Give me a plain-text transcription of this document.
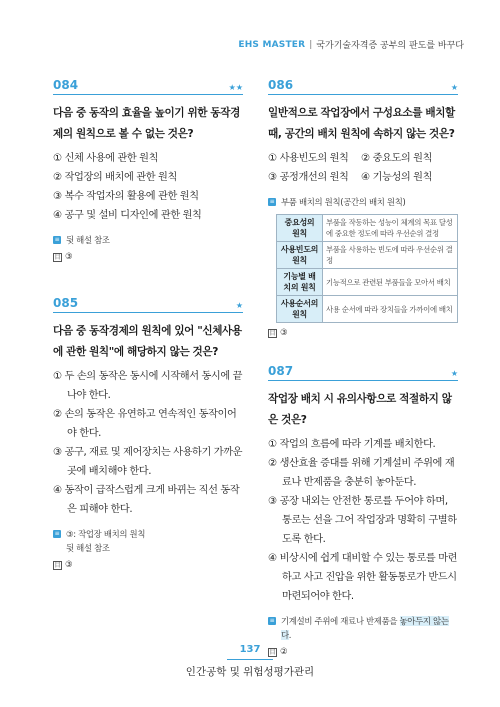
EHS MASTER | 국가기술자격증 공부의 판도를 바꾸다
084	★★
다음 중 동작의 효율을 높이기 위한 동작경제의 원칙으로 볼 수 없는 것은?
① 신체 사용에 관한 원칙
② 작업장의 배치에 관한 원칙
③ 복수 작업자의 활용에 관한 원칙
④ 공구 및 설비 디자인에 관한 원칙
≡ 뒷 해설 참조
目 ③
085	★
다음 중 동작경제의 원칙에 있어 "신체사용에 관한 원칙"에 해당하지 않는 것은?
① 두 손의 동작은 동시에 시작해서 동시에 끝나야 한다.
② 손의 동작은 유연하고 연속적인 동작이어야 한다.
③ 공구, 재료 및 제어장치는 사용하기 가까운 곳에 배치해야 한다.
④ 동작이 급작스럽게 크게 바뀌는 직선 동작은 피해야 한다.
≡ ③: 작업장 배치의 원칙
뒷 해설 참조
目 ③
086	★
일반적으로 작업장에서 구성요소를 배치할 때, 공간의 배치 원칙에 속하지 않는 것은?
① 사용빈도의 원칙	② 중요도의 원칙
③ 공정개선의 원칙	④ 기능성의 원칙
≡ 부품 배치의 원칙(공간의 배치 원칙)
중요성의 원칙	부품을 작동하는 성능이 체계의 목표 달성에 중요한 정도에 따라 우선순위 결정
사용빈도의 원칙	부품을 사용하는 빈도에 따라 우선순위 결정
기능별 배치의 원칙	기능적으로 관련된 부품들을 모아서 배치
사용순서의 원칙	사용 순서에 따라 장치들을 가까이에 배치
目 ③
087	★
작업장 배치 시 유의사항으로 적절하지 않은 것은?
① 작업의 흐름에 따라 기계를 배치한다.
② 생산효율 증대를 위해 기계설비 주위에 재료나 반제품을 충분히 놓아둔다.
③ 공장 내외는 안전한 통로를 두어야 하며, 통로는 선을 그어 작업장과 명확히 구별하도록 한다.
④ 비상시에 쉽게 대비할 수 있는 통로를 마련하고 사고 진압을 위한 활동통로가 반드시 마련되어야 한다.
≡ 기계설비 주위에 재료나 반제품을 놓아두지 않는다.
目 ②
137
인간공학 및 위험성평가관리
